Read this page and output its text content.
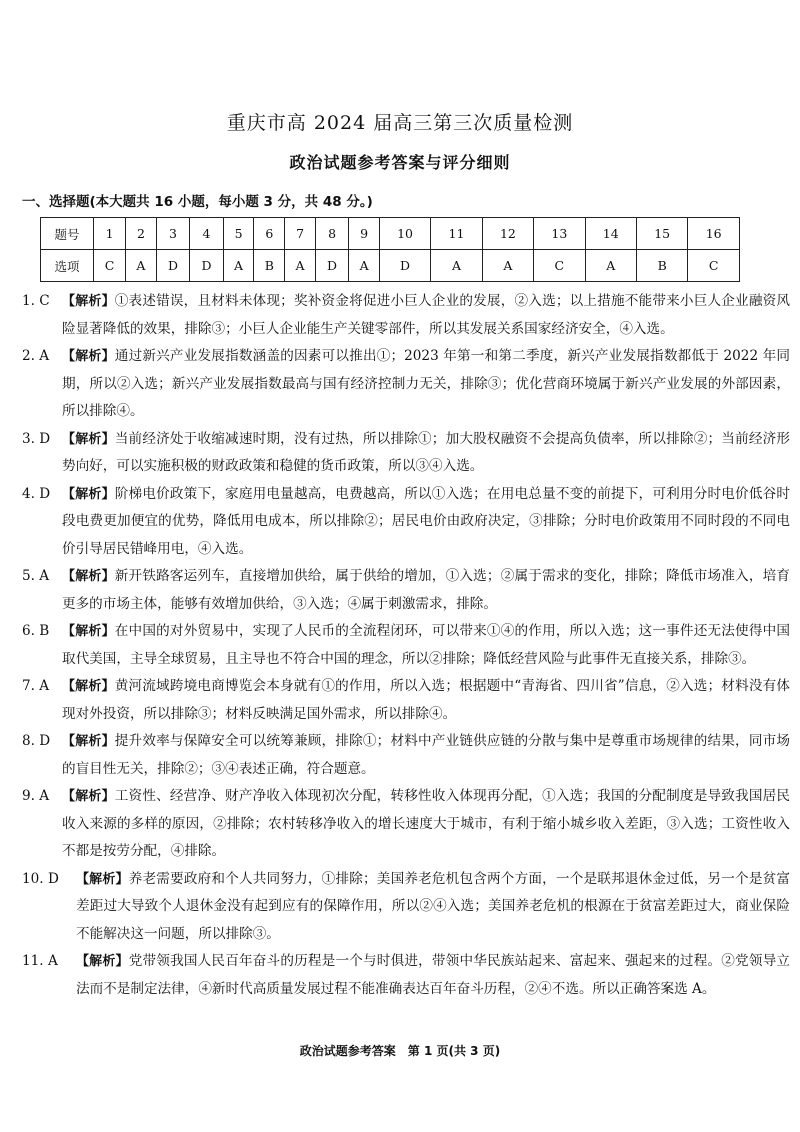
重庆市高 2024 届高三第三次质量检测
政治试题参考答案与评分细则
一、选择题(本大题共 16 小题，每小题 3 分，共 48 分。)
题号	1	2	3	4	5	6	7	8	9	10	11	12	13	14	15	16
选项	C	A	D	D	A	B	A	D	A	D	A	A	C	A	B	C
1. C 【解析】①表述错误，且材料未体现；奖补资金将促进小巨人企业的发展，②入选；以上措施不能带来小巨人企业融资风险显著降低的效果，排除③；小巨人企业能生产关键零部件，所以其发展关系国家经济安全，④入选。
2. A 【解析】通过新兴产业发展指数涵盖的因素可以推出①；2023 年第一和第二季度，新兴产业发展指数都低于 2022 年同期，所以②入选；新兴产业发展指数最高与国有经济控制力无关，排除③；优化营商环境属于新兴产业发展的外部因素，所以排除④。
3. D 【解析】当前经济处于收缩减速时期，没有过热，所以排除①；加大股权融资不会提高负债率，所以排除②；当前经济形势向好，可以实施积极的财政政策和稳健的货币政策，所以③④入选。
4. D 【解析】阶梯电价政策下，家庭用电量越高，电费越高，所以①入选；在用电总量不变的前提下，可利用分时电价低谷时段电费更加便宜的优势，降低用电成本，所以排除②；居民电价由政府决定，③排除；分时电价政策用不同时段的不同电价引导居民错峰用电，④入选。
5. A 【解析】新开铁路客运列车，直接增加供给，属于供给的增加，①入选；②属于需求的变化，排除；降低市场准入，培育更多的市场主体，能够有效增加供给，③入选；④属于刺激需求，排除。
6. B 【解析】在中国的对外贸易中，实现了人民币的全流程闭环，可以带来①④的作用，所以入选；这一事件还无法使得中国取代美国，主导全球贸易，且主导也不符合中国的理念，所以②排除；降低经营风险与此事件无直接关系，排除③。
7. A 【解析】黄河流域跨境电商博览会本身就有①的作用，所以入选；根据题中“青海省、四川省”信息，②入选；材料没有体现对外投资，所以排除③；材料反映满足国外需求，所以排除④。
8. D 【解析】提升效率与保障安全可以统筹兼顾，排除①；材料中产业链供应链的分散与集中是尊重市场规律的结果，同市场的盲目性无关，排除②；③④表述正确，符合题意。
9. A 【解析】工资性、经营净、财产净收入体现初次分配，转移性收入体现再分配，①入选；我国的分配制度是导致我国居民收入来源的多样的原因，②排除；农村转移净收入的增长速度大于城市，有利于缩小城乡收入差距，③入选；工资性收入不都是按劳分配，④排除。
10. D	【解析】养老需要政府和个人共同努力，①排除；美国养老危机包含两个方面，一个是联邦退休金过低，另一个是贫富差距过大导致个人退休金没有起到应有的保障作用，所以②④入选；美国养老危机的根源在于贫富差距过大，商业保险不能解决这一问题，所以排除③。
11. A	【解析】党带领我国人民百年奋斗的历程是一个与时俱进，带领中华民族站起来、富起来、强起来的过程。②党领导立法而不是制定法律，④新时代高质量发展过程不能准确表达百年奋斗历程，②④不选。所以正确答案选 A。
政治试题参考答案　第 1 页(共 3 页)
